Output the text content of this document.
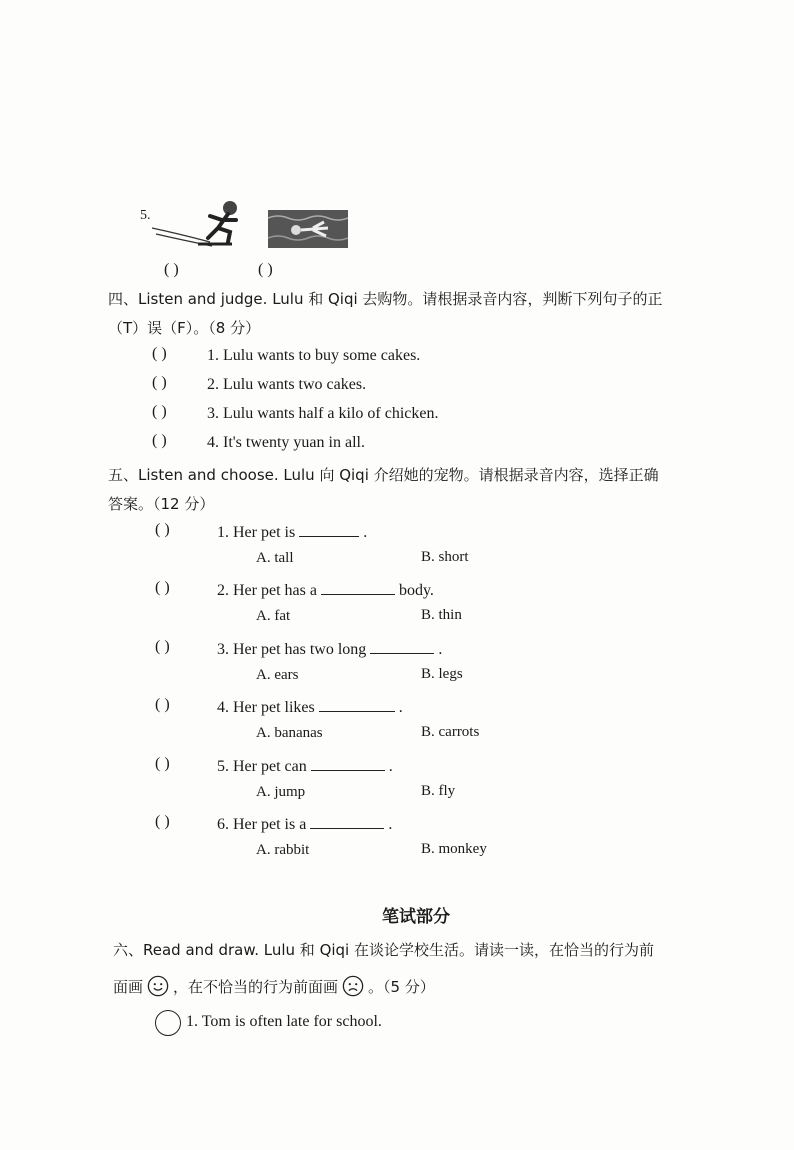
5.
( )	( )
四、Listen and judge. Lulu 和 Qiqi 去购物。请根据录音内容，判断下列句子的正
（T）误（F）。（8 分）
( )	1. Lulu wants to buy some cakes.
( )	2. Lulu wants two cakes.
( )	3. Lulu wants half a kilo of chicken.
( )	4. It's twenty yuan in all.
五、Listen and choose. Lulu 向 Qiqi 介绍她的宠物。请根据录音内容，选择正确
答案。（12 分）
( )	1. Her pet is	.
A. tall	B. short
( )	2. Her pet has a	body.
A. fat	B. thin
( )	3. Her pet has two long	.
A. ears	B. legs
( )	4. Her pet likes	.
A. bananas	B. carrots
( )	5. Her pet can	.
A. jump	B. fly
( )	6. Her pet is a	.
A. rabbit	B. monkey
笔试部分
六、Read and draw. Lulu 和 Qiqi 在谈论学校生活。请读一读，在恰当的行为前
面画 ，在不恰当的行为前面画 。（5 分）
1. Tom is often late for school.
